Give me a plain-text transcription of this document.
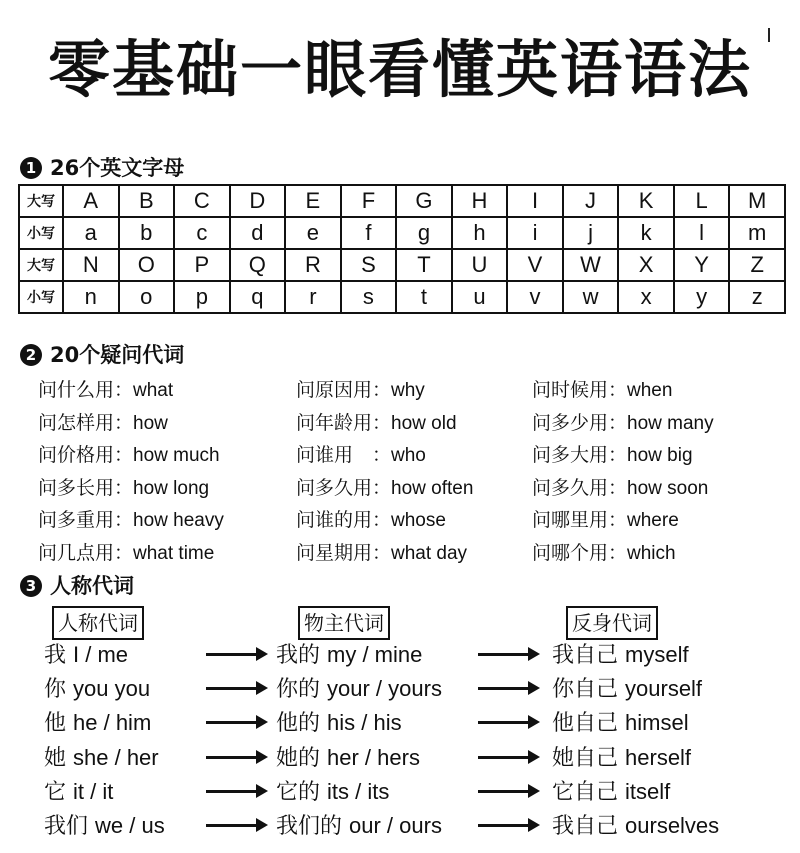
零基础一眼看懂英语语法
1 26个英文字母
大写	A	B	C	D	E	F	G	H	I	J	K	L	M
小写	a	b	c	d	e	f	g	h	i	j	k	l	m
大写	N	O	P	Q	R	S	T	U	V	W	X	Y	Z
小写	n	o	p	q	r	s	t	u	v	w	x	y	z
2 20个疑问代词
问什么用：what	问原因用：why	问时候用：when
问怎样用：how	问年龄用：how old	问多少用：how many
问价格用：how much	问谁用　：who	问多大用：how big
问多长用：how long	问多久用：how often	问多久用：how soon
问多重用：how heavy	问谁的用：whose	问哪里用：where
问几点用：what time	问星期用：what day	问哪个用：which
3 人称代词
人称代词	物主代词	反身代词
我 I / me	我的 my / mine	我自己 myself
你 you you	你的 your / yours	你自己 yourself
他 he / him	他的 his / his	他自己 himsel
她 she / her	她的 her / hers	她自己 herself
它 it / it	它的 its / its	它自己 itself
我们 we / us	我们的 our / ours	我自己 ourselves
